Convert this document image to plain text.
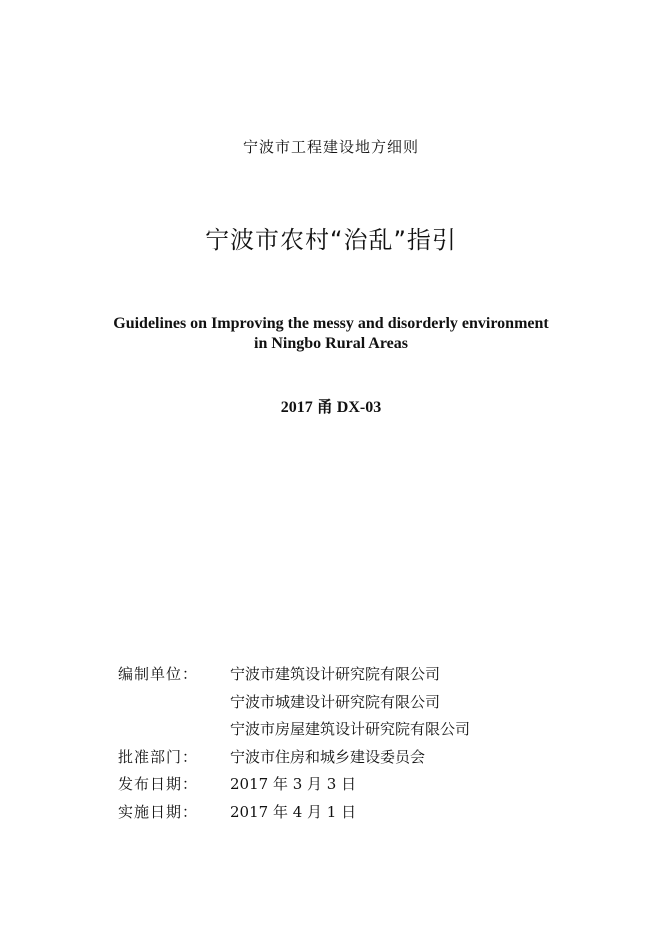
宁波市工程建设地方细则
宁波市农村“治乱”指引
Guidelines on Improving the messy and disorderly environment
in Ningbo Rural Areas
2017 甬 DX-03
编制单位： 宁波市建筑设计研究院有限公司
宁波市城建设计研究院有限公司
宁波市房屋建筑设计研究院有限公司
批准部门： 宁波市住房和城乡建设委员会
发布日期： 2017 年 3 月 3 日
实施日期： 2017 年 4 月 1 日
